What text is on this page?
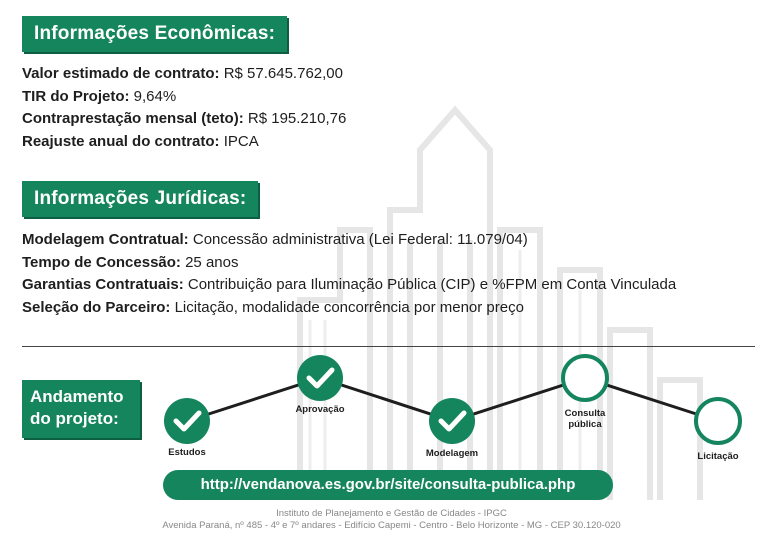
Informações Econômicas:
Valor estimado de contrato: R$ 57.645.762,00
TIR do Projeto: 9,64%
Contraprestação mensal (teto): R$ 195.210,76
Reajuste anual do contrato: IPCA
Informações Jurídicas:
Modelagem Contratual: Concessão administrativa (Lei Federal: 11.079/04)
Tempo de Concessão: 25 anos
Garantias Contratuais: Contribuição para Iluminação Pública (CIP) e %FPM em Conta Vinculada
Seleção do Parceiro: Licitação, modalidade concorrência por menor preço
Andamento
do projeto:
Estudos
Aprovação
Modelagem
Consulta
pública
Licitação
http://vendanova.es.gov.br/site/consulta-publica.php
Instituto de Planejamento e Gestão de Cidades - IPGC
Avenida Paraná, nº 485 - 4º e 7º andares - Edifício Capemi - Centro - Belo Horizonte - MG - CEP 30.120-020
